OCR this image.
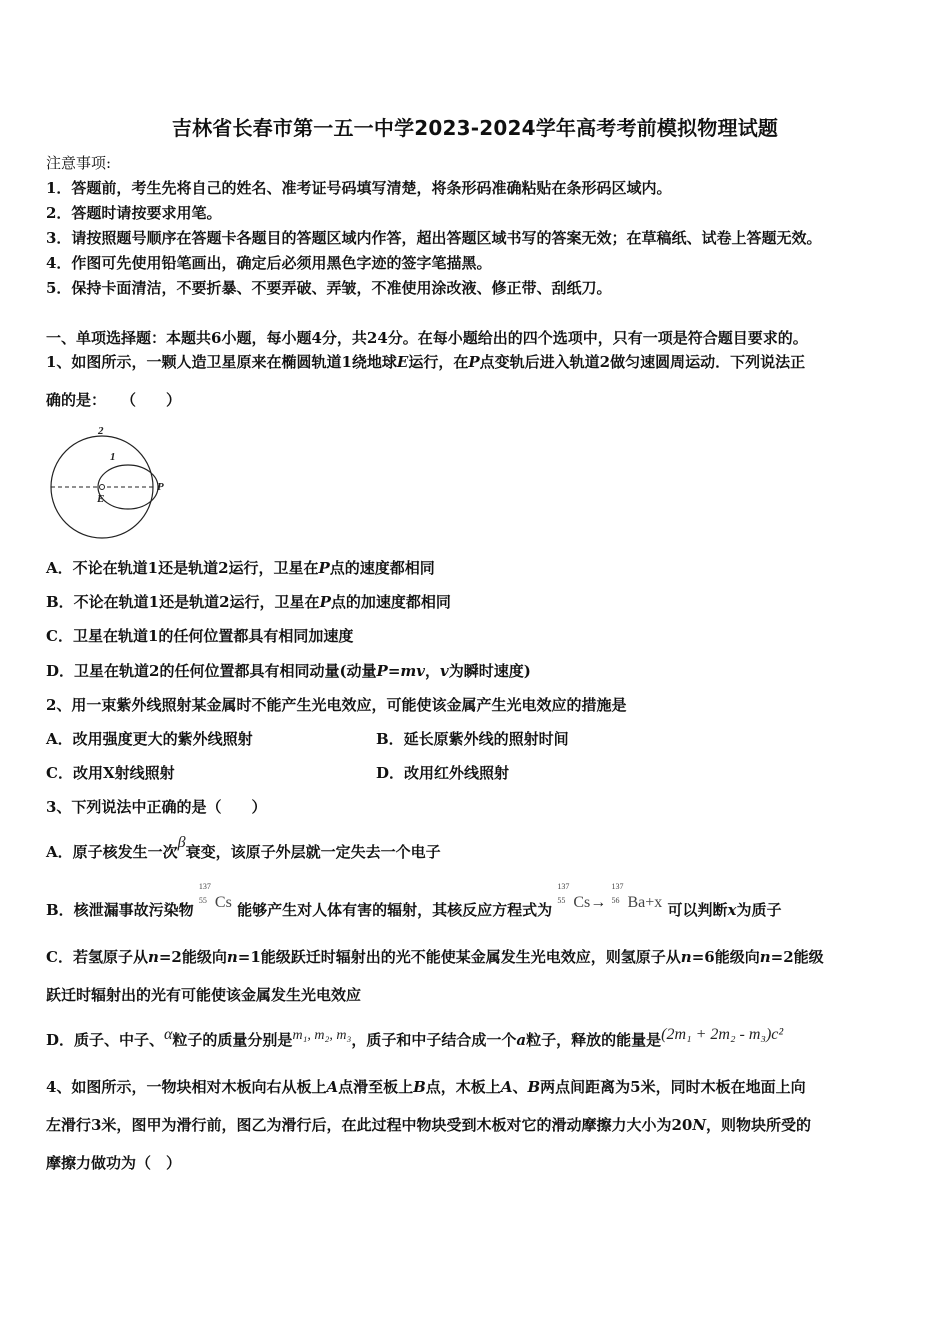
吉林省长春市第一五一中学2023-2024学年高考考前模拟物理试题
注意事项:
1．答题前，考生先将自己的姓名、准考证号码填写清楚，将条形码准确粘贴在条形码区域内。
2．答题时请按要求用笔。
3．请按照题号顺序在答题卡各题目的答题区域内作答，超出答题区域书写的答案无效；在草稿纸、试卷上答题无效。
4．作图可先使用铅笔画出，确定后必须用黑色字迹的签字笔描黑。
5．保持卡面清洁，不要折暴、不要弄破、弄皱，不准使用涂改液、修正带、刮纸刀。
一、单项选择题：本题共6小题，每小题4分，共24分。在每小题给出的四个选项中，只有一项是符合题目要求的。
1、如图所示，一颗人造卫星原来在椭圆轨道1绕地球E运行，在P点变轨后进入轨道2做匀速圆周运动．下列说法正
确的是：　　（　　）
2
1
E
P
A．不论在轨道1还是轨道2运行，卫星在P点的速度都相同
B．不论在轨道1还是轨道2运行，卫星在P点的加速度都相同
C．卫星在轨道1的任何位置都具有相同加速度
D．卫星在轨道2的任何位置都具有相同动量(动量P=mv，v为瞬时速度)
2、用一束紫外线照射某金属时不能产生光电效应，可能使该金属产生光电效应的措施是
A．改用强度更大的紫外线照射	B．延长原紫外线的照射时间
C．改用X射线照射	D．改用红外线照射
3、下列说法中正确的是（　　）
A．原子核发生一次β衰变，该原子外层就一定失去一个电子
B．核泄漏事故污染物
137
55 Cs 能够产生对人体有害的辐射，其核反应方程式为
137
55 Cs→
137
56 Ba+x 可以判断x为质子
C．若氢原子从n=2能级向n=1能级跃迁时辐射出的光不能使某金属发生光电效应，则氢原子从n=6能级向n=2能级
跃迁时辐射出的光有可能使该金属发生光电效应
D．质子、中子、α粒子的质量分别是m₁, m₂, m₃，质子和中子结合成一个a粒子，释放的能量是(2m₁ + 2m₂ - m₃)c²
4、如图所示，一物块相对木板向右从板上A点滑至板上B点，木板上A、B两点间距离为5米，同时木板在地面上向
左滑行3米，图甲为滑行前，图乙为滑行后，在此过程中物块受到木板对它的滑动摩擦力大小为20N，则物块所受的
摩擦力做功为（　）
